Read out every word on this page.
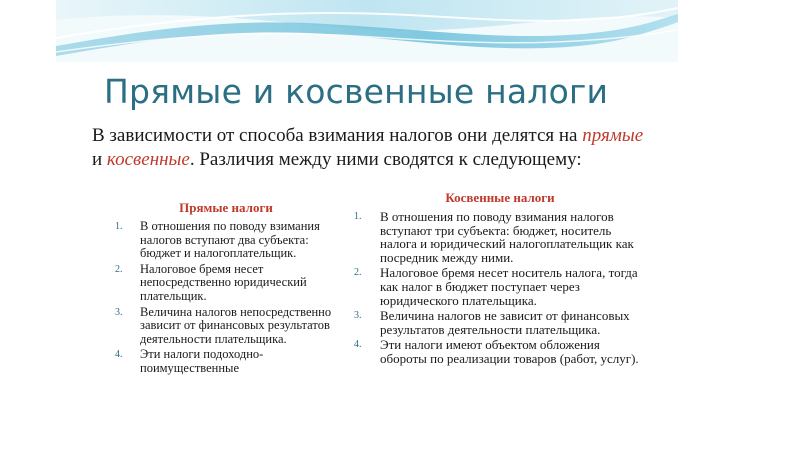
Прямые и косвенные налоги

В зависимости от способа взимания налогов они делятся на прямые и косвенные. Различия между ними сводятся к следующему:

Прямые налоги
1. В отношения по поводу взимания налогов вступают два субъекта: бюджет и налогоплательщик.
2. Налоговое бремя несет непосредственно юридический плательщик.
3. Величина налогов непосредственно зависит от финансовых результатов деятельности плательщика.
4. Эти налоги подоходно-поимущественные
Косвенные налоги
1. В отношения по поводу взимания налогов вступают три субъекта: бюджет, носитель налога и юридический налогоплательщик как посредник между ними.
2. Налоговое бремя несет носитель налога, тогда как налог в бюджет поступает через юридического плательщика.
3. Величина налогов не зависит от финансовых результатов деятельности плательщика.
4. Эти налоги имеют объектом обложения обороты по реализации товаров (работ, услуг).
